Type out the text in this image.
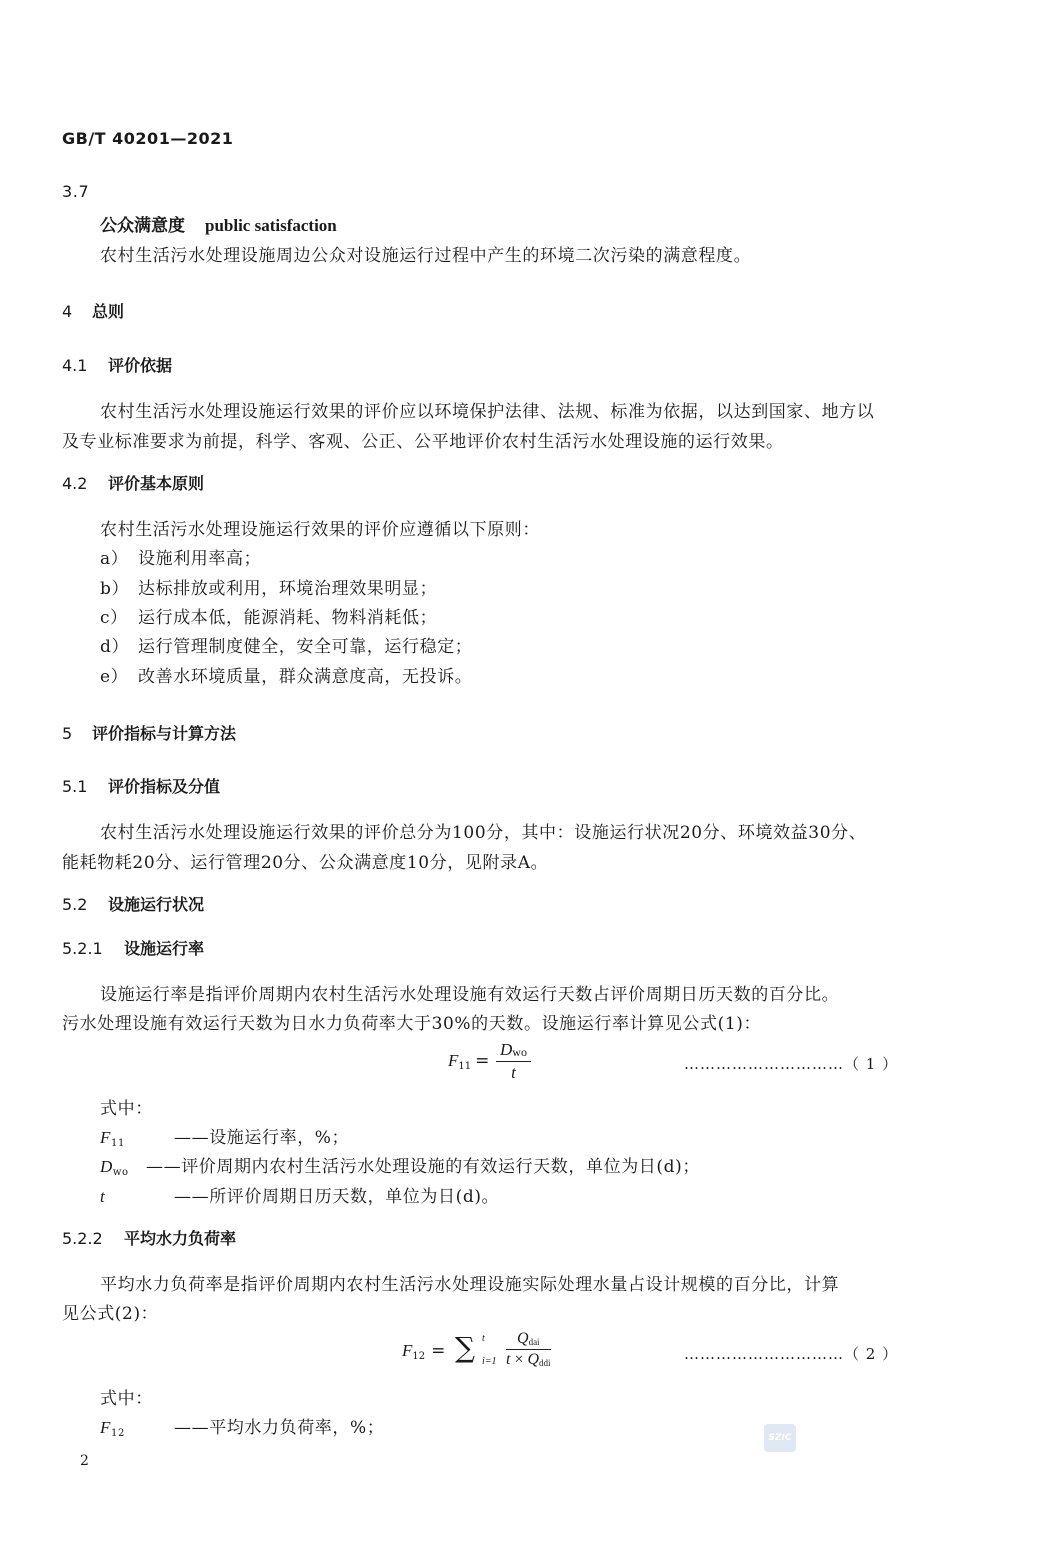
GB/T 40201—2021
3.7
公众满意度 public satisfaction
农村生活污水处理设施周边公众对设施运行过程中产生的环境二次污染的满意程度。
4 总则
4.1 评价依据
农村生活污水处理设施运行效果的评价应以环境保护法律、法规、标准为依据，以达到国家、地方以
及专业标准要求为前提，科学、客观、公正、公平地评价农村生活污水处理设施的运行效果。
4.2 评价基本原则
农村生活污水处理设施运行效果的评价应遵循以下原则：
a） 设施利用率高；
b） 达标排放或利用，环境治理效果明显；
c） 运行成本低，能源消耗、物料消耗低；
d） 运行管理制度健全，安全可靠，运行稳定；
e） 改善水环境质量，群众满意度高，无投诉。
5 评价指标与计算方法
5.1 评价指标及分值
农村生活污水处理设施运行效果的评价总分为100分，其中：设施运行状况20分、环境效益30分、
能耗物耗20分、运行管理20分、公众满意度10分，见附录A。
5.2 设施运行状况
5.2.1 设施运行率
设施运行率是指评价周期内农村生活污水处理设施有效运行天数占评价周期日历天数的百分比。
污水处理设施有效运行天数为日水力负荷率大于30%的天数。设施运行率计算见公式(1)：
$F_{11}$ =
$D_{wo}$
t	…………………………（ 1 ）
式中：
$F_{11}$	——设施运行率，%；
$D_{wo}$ ——评价周期内农村生活污水处理设施的有效运行天数，单位为日(d)；
t	——所评价周期日历天数，单位为日(d)。
5.2.2 平均水力负荷率
平均水力负荷率是指评价周期内农村生活污水处理设施实际处理水量占设计规模的百分比，计算
见公式(2)：
$F_{12}$ = ∑ t
i=1
$Q_{dai}$
$t \times Q_{ddi}$	…………………………（ 2 ）
式中：
$F_{12}$	——平均水力负荷率，%；	SZIC
2
